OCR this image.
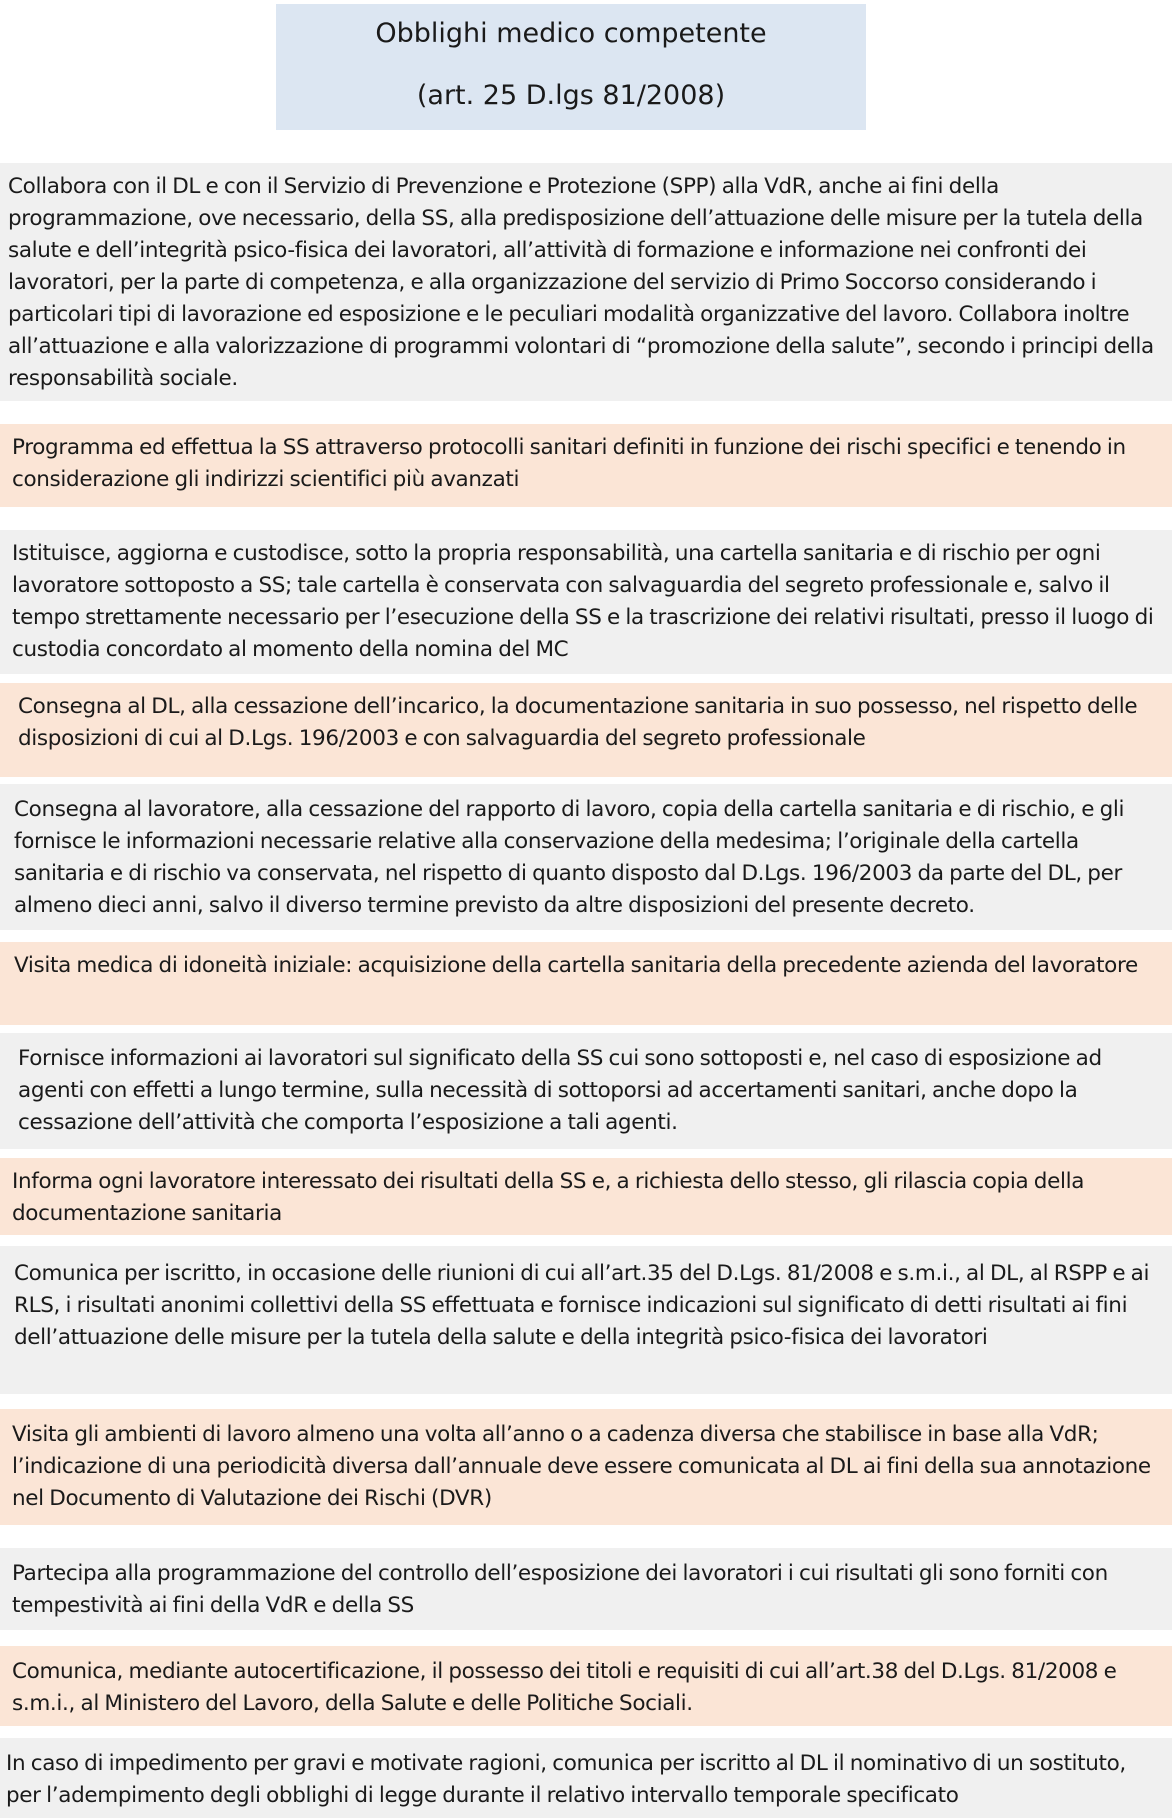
Obblighi medico competente
(art. 25 D.lgs 81/2008)
Collabora con il DL e con il Servizio di Prevenzione e Protezione (SPP) alla VdR, anche ai fini della programmazione, ove necessario, della SS, alla predisposizione dell’attuazione delle misure per la tutela della salute e dell’integrità psico-fisica dei lavoratori, all’attività di formazione e informazione nei confronti dei lavoratori, per la parte di competenza, e alla organizzazione del servizio di Primo Soccorso considerando i particolari tipi di lavorazione ed esposizione e le peculiari modalità organizzative del lavoro. Collabora inoltre all’attuazione e alla valorizzazione di programmi volontari di “promozione della salute”, secondo i principi della responsabilità sociale.
Programma ed effettua la SS attraverso protocolli sanitari definiti in funzione dei rischi specifici e tenendo in considerazione gli indirizzi scientifici più avanzati
Istituisce, aggiorna e custodisce, sotto la propria responsabilità, una cartella sanitaria e di rischio per ogni lavoratore sottoposto a SS; tale cartella è conservata con salvaguardia del segreto professionale e, salvo il tempo strettamente necessario per l’esecuzione della SS e la trascrizione dei relativi risultati, presso il luogo di custodia concordato al momento della nomina del MC
Consegna al DL, alla cessazione dell’incarico, la documentazione sanitaria in suo possesso, nel rispetto delle disposizioni di cui al D.Lgs. 196/2003 e con salvaguardia del segreto professionale
Consegna al lavoratore, alla cessazione del rapporto di lavoro, copia della cartella sanitaria e di rischio, e gli fornisce le informazioni necessarie relative alla conservazione della medesima; l’originale della cartella sanitaria e di rischio va conservata, nel rispetto di quanto disposto dal D.Lgs. 196/2003 da parte del DL, per almeno dieci anni, salvo il diverso termine previsto da altre disposizioni del presente decreto.
Visita medica di idoneità iniziale: acquisizione della cartella sanitaria della precedente azienda del lavoratore
Fornisce informazioni ai lavoratori sul significato della SS cui sono sottoposti e, nel caso di esposizione ad agenti con effetti a lungo termine, sulla necessità di sottoporsi ad accertamenti sanitari, anche dopo la cessazione dell’attività che comporta l’esposizione a tali agenti.
Informa ogni lavoratore interessato dei risultati della SS e, a richiesta dello stesso, gli rilascia copia della documentazione sanitaria
Comunica per iscritto, in occasione delle riunioni di cui all’art.35 del D.Lgs. 81/2008 e s.m.i., al DL, al RSPP e ai RLS, i risultati anonimi collettivi della SS effettuata e fornisce indicazioni sul significato di detti risultati ai fini dell’attuazione delle misure per la tutela della salute e della integrità psico-fisica dei lavoratori
Visita gli ambienti di lavoro almeno una volta all’anno o a cadenza diversa che stabilisce in base alla VdR; l’indicazione di una periodicità diversa dall’annuale deve essere comunicata al DL ai fini della sua annotazione nel Documento di Valutazione dei Rischi (DVR)
Partecipa alla programmazione del controllo dell’esposizione dei lavoratori i cui risultati gli sono forniti con tempestività ai fini della VdR e della SS
Comunica, mediante autocertificazione, il possesso dei titoli e requisiti di cui all’art.38 del D.Lgs. 81/2008 e s.m.i., al Ministero del Lavoro, della Salute e delle Politiche Sociali.
In caso di impedimento per gravi e motivate ragioni, comunica per iscritto al DL il nominativo di un sostituto, per l’adempimento degli obblighi di legge durante il relativo intervallo temporale specificato
